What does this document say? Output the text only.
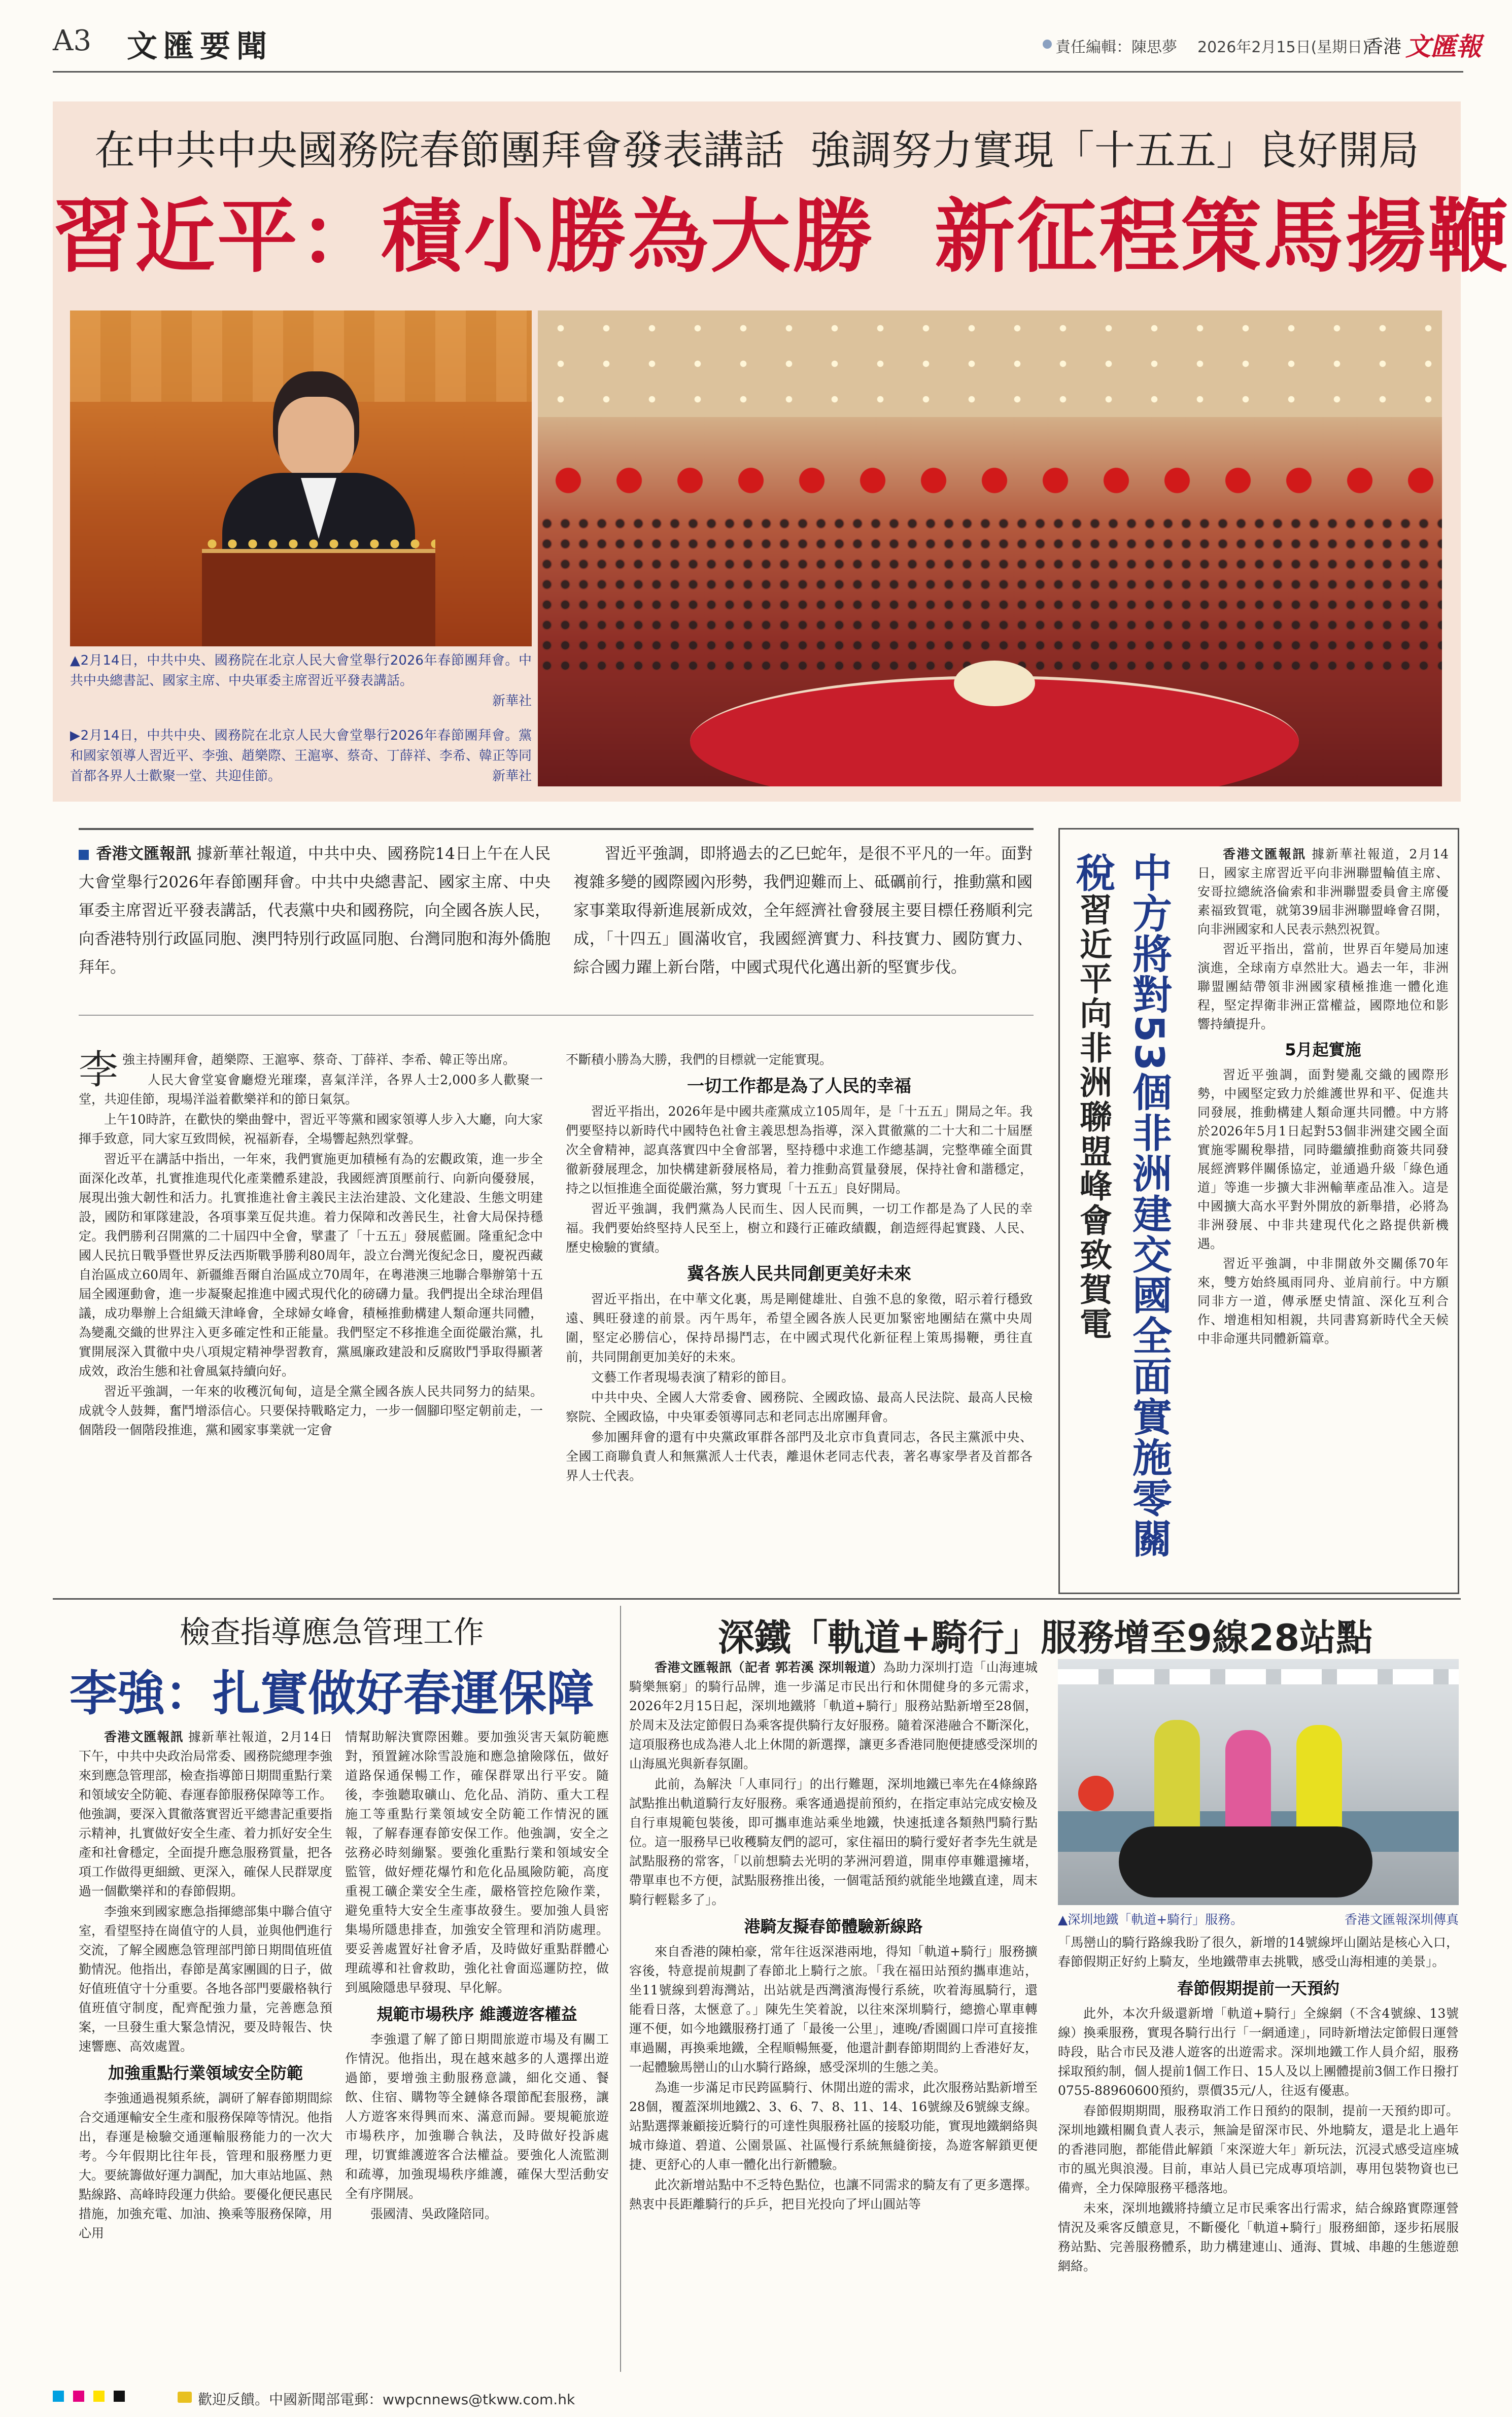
A3 文匯要聞	責任編輯：陳思夢 2026年2月15日(星期日)
香港 文匯報
在中共中央國務院春節團拜會發表講話  強調努力實現「十五五」良好開局
習近平：積小勝為大勝  新征程策馬揚鞭
▲2月14日，中共中央、國務院在北京人民大會堂舉行2026年春節團拜會。中共中央總書記、國家主席、中央軍委主席習近平發表講話。
新華社
▶2月14日，中共中央、國務院在北京人民大會堂舉行2026年春節團拜會。黨和國家領導人習近平、李強、趙樂際、王滬寧、蔡奇、丁薛祥、李希、韓正等同首都各界人士歡聚一堂、共迎佳節。	新華社

香港文匯報訊 據新華社報道，中共中央、國務院14日上午在人民大會堂舉行2026年春節團拜會。中共中央總書記、國家主席、中央軍委主席習近平發表講話，代表黨中央和國務院，向全國各族人民，向香港特別行政區同胞、澳門特別行政區同胞、台灣同胞和海外僑胞拜年。

習近平強調，即將過去的乙巳蛇年，是很不平凡的一年。面對複雜多變的國際國內形勢，我們迎難而上、砥礪前行，推動黨和國家事業取得新進展新成效，全年經濟社會發展主要目標任務順利完成，「十四五」圓滿收官，我國經濟實力、科技實力、國防實力、綜合國力躍上新台階，中國式現代化邁出新的堅實步伐。

李強主持團拜會，趙樂際、王滬寧、蔡奇、丁薛祥、李希、韓正等出席。

人民大會堂宴會廳燈光璀璨，喜氣洋洋，各界人士2,000多人歡聚一堂，共迎佳節，現場洋溢着歡樂祥和的節日氣氛。

上午10時許，在歡快的樂曲聲中，習近平等黨和國家領導人步入大廳，向大家揮手致意，同大家互致問候，祝福新春，全場響起熱烈掌聲。

習近平在講話中指出，一年來，我們實施更加積極有為的宏觀政策，進一步全面深化改革，扎實推進現代化產業體系建設，我國經濟頂壓前行、向新向優發展，展現出強大韌性和活力。扎實推進社會主義民主法治建設、文化建設、生態文明建設，國防和軍隊建設，各項事業互促共進。着力保障和改善民生，社會大局保持穩定。我們勝利召開黨的二十屆四中全會，擘畫了「十五五」發展藍圖。隆重紀念中國人民抗日戰爭暨世界反法西斯戰爭勝利80周年，設立台灣光復紀念日，慶祝西藏自治區成立60周年、新疆維吾爾自治區成立70周年，在粵港澳三地聯合舉辦第十五屆全國運動會，進一步凝聚起推進中國式現代化的磅礴力量。我們提出全球治理倡議，成功舉辦上合組織天津峰會，全球婦女峰會，積極推動構建人類命運共同體，為變亂交織的世界注入更多確定性和正能量。我們堅定不移推進全面從嚴治黨，扎實開展深入貫徹中央八項規定精神學習教育，黨風廉政建設和反腐敗鬥爭取得顯著成效，政治生態和社會風氣持續向好。

習近平強調，一年來的收穫沉甸甸，這是全黨全國各族人民共同努力的結果。成就令人鼓舞，奮鬥增添信心。只要保持戰略定力，一步一個腳印堅定朝前走，一個階段一個階段推進，黨和國家事業就一定會

不斷積小勝為大勝，我們的目標就一定能實現。

一切工作都是為了人民的幸福

習近平指出，2026年是中國共產黨成立105周年，是「十五五」開局之年。我們要堅持以新時代中國特色社會主義思想為指導，深入貫徹黨的二十大和二十屆歷次全會精神，認真落實四中全會部署，堅持穩中求進工作總基調，完整準確全面貫徹新發展理念，加快構建新發展格局，着力推動高質量發展，保持社會和諧穩定，持之以恒推進全面從嚴治黨，努力實現「十五五」良好開局。

習近平強調，我們黨為人民而生、因人民而興，一切工作都是為了人民的幸福。我們要始終堅持人民至上，樹立和踐行正確政績觀，創造經得起實踐、人民、歷史檢驗的實績。

冀各族人民共同創更美好未來

習近平指出，在中華文化裏，馬是剛健雄壯、自強不息的象徵，昭示着行穩致遠、興旺發達的前景。丙午馬年，希望全國各族人民更加緊密地團結在黨中央周圍，堅定必勝信心，保持昂揚鬥志，在中國式現代化新征程上策馬揚鞭，勇往直前，共同開創更加美好的未來。

文藝工作者現場表演了精彩的節目。

中共中央、全國人大常委會、國務院、全國政協、最高人民法院、最高人民檢察院、全國政協，中央軍委領導同志和老同志出席團拜會。

參加團拜會的還有中央黨政軍群各部門及北京市負責同志，各民主黨派中央、全國工商聯負責人和無黨派人士代表，離退休老同志代表，著名專家學者及首都各界人士代表。	中方將對53個非洲建交國全面實施零關稅
習近平向非洲聯盟峰會致賀電

香港文匯報訊 據新華社報道，2月14日，國家主席習近平向非洲聯盟輪值主席、安哥拉總統洛倫索和非洲聯盟委員會主席優素福致賀電，就第39屆非洲聯盟峰會召開，向非洲國家和人民表示熱烈祝賀。

習近平指出，當前，世界百年變局加速演進，全球南方卓然壯大。過去一年，非洲聯盟團結帶領非洲國家積極推進一體化進程，堅定捍衛非洲正當權益，國際地位和影響持續提升。

5月起實施

習近平強調，面對變亂交織的國際形勢，中國堅定致力於維護世界和平、促進共同發展，推動構建人類命運共同體。中方將於2026年5月1日起對53個非洲建交國全面實施零關稅舉措，同時繼續推動商簽共同發展經濟夥伴關係協定，並通過升級「綠色通道」等進一步擴大非洲輸華產品准入。這是中國擴大高水平對外開放的新舉措，必將為非洲發展、中非共建現代化之路提供新機遇。

習近平強調，中非開啟外交關係70年來，雙方始終風雨同舟、並肩前行。中方願同非方一道，傳承歷史情誼、深化互利合作、增進相知相親，共同書寫新時代全天候中非命運共同體新篇章。

檢查指導應急管理工作
李強：扎實做好春運保障

香港文匯報訊 據新華社報道，2月14日下午，中共中央政治局常委、國務院總理李強來到應急管理部，檢查指導節日期間重點行業和領域安全防範、春運春節服務保障等工作。他強調，要深入貫徹落實習近平總書記重要指示精神，扎實做好安全生產、着力抓好安全生產和社會穩定，全面提升應急服務質量，把各項工作做得更細緻、更深入，確保人民群眾度過一個歡樂祥和的春節假期。

李強來到國家應急指揮總部集中聯合值守室，看望堅持在崗值守的人員，並與他們進行交流，了解全國應急管理部門節日期間值班值勤情況。他指出，春節是萬家團圓的日子，做好值班值守十分重要。各地各部門要嚴格執行值班值守制度，配齊配強力量，完善應急預案，一旦發生重大緊急情況，要及時報告、快速響應、高效處置。

加強重點行業領域安全防範

李強通過視頻系統，調研了解春節期間綜合交通運輸安全生產和服務保障等情況。他指出，春運是檢驗交通運輸服務能力的一次大考。今年假期比往年長，管理和服務壓力更大。要統籌做好運力調配，加大車站地區、熱點線路、高峰時段運力供給。要優化便民惠民措施，加強充電、加油、換乘等服務保障，用心用

情幫助解決實際困難。要加強災害天氣防範應對，預置鏟冰除雪設施和應急搶險隊伍，做好道路保通保暢工作，確保群眾出行平安。隨後，李強聽取礦山、危化品、消防、重大工程施工等重點行業領域安全防範工作情況的匯報，了解春運春節安保工作。他強調，安全之弦務必時刻繃緊。要強化重點行業和領域安全監管，做好煙花爆竹和危化品風險防範，高度重視工礦企業安全生產，嚴格管控危險作業，避免重特大安全生產事故發生。要加強人員密集場所隱患排查，加強安全管理和消防處理。要妥善處置好社會矛盾，及時做好重點群體心理疏導和社會救助，強化社會面巡邏防控，做到風險隱患早發現、早化解。

規範市場秩序 維護遊客權益

李強還了解了節日期間旅遊市場及有關工作情況。他指出，現在越來越多的人選擇出遊過節，要增強主動服務意識，細化交通、餐飲、住宿、購物等全鏈條各環節配套服務，讓人方遊客來得興而來、滿意而歸。要規範旅遊市場秩序，加強聯合執法，及時做好投訴處理，切實維護遊客合法權益。要強化人流監測和疏導，加強現場秩序維護，確保大型活動安全有序開展。

張國清、吳政隆陪同。

深鐵「軌道+騎行」服務增至9線28站點

香港文匯報訊（記者 郭若溪 深圳報道）為助力深圳打造「山海連城 騎樂無窮」的騎行品牌，進一步滿足市民出行和休閒健身的多元需求，2026年2月15日起，深圳地鐵將「軌道+騎行」服務站點新增至28個，於周末及法定節假日為乘客提供騎行友好服務。隨着深港融合不斷深化，這項服務也成為港人北上休閒的新選擇，讓更多香港同胞便捷感受深圳的山海風光與新春氛圍。

此前，為解決「人車同行」的出行難題，深圳地鐵已率先在4條線路試點推出軌道騎行友好服務。乘客通過提前預約，在指定車站完成安檢及自行車規範包裝後，即可攜車進站乘坐地鐵，快速抵達各類熱門騎行點位。這一服務早已收穫騎友們的認可，家住福田的騎行愛好者李先生就是試點服務的常客，「以前想騎去光明的茅洲河碧道，開車停車難還擁堵，帶單車也不方便，試點服務推出後，一個電話預約就能坐地鐵直達，周末騎行輕鬆多了」。

港騎友擬春節體驗新線路

來自香港的陳柏豪，常年往返深港兩地，得知「軌道+騎行」服務擴容後，特意提前規劃了春節北上騎行之旅。「我在福田站預約攜車進站，坐11號線到碧海灣站，出站就是西灣濱海慢行系統，吹着海風騎行，還能看日落，太愜意了。」陳先生笑着說，以往來深圳騎行，總擔心單車轉運不便，如今地鐵服務打通了「最後一公里」，連晚/香園圓口岸可直接推車過關，再換乘地鐵，全程順暢無憂，他還計劃春節期間約上香港好友，一起體驗馬巒山的山水騎行路線，感受深圳的生態之美。

為進一步滿足市民跨區騎行、休閒出遊的需求，此次服務站點新增至28個，覆蓋深圳地鐵2、3、6、7、8、11、14、16號線及6號線支線。站點選擇兼顧接近騎行的可達性與服務社區的接駁功能，實現地鐵網絡與城市綠道、碧道、公園景區、社區慢行系統無縫銜接，為遊客解鎖更便捷、更舒心的人車一體化出行新體驗。

此次新增站點中不乏特色點位，也讓不同需求的騎友有了更多選擇。熱衷中長距離騎行的乒乒，把目光投向了坪山圓站等

▲深圳地鐵「軌道+騎行」服務。	香港文匯報深圳傳真

「馬巒山的騎行路線我盼了很久，新增的14號線坪山圍站是核心入口，春節假期正好約上騎友，坐地鐵帶車去挑戰，感受山海相連的美景」。

春節假期提前一天預約

此外，本次升級還新增「軌道+騎行」全線網（不含4號線、13號線）換乘服務，實現各騎行出行「一網通達」，同時新增法定節假日運營時段，貼合市民及港人遊客的出遊需求。深圳地鐵工作人員介紹，服務採取預約制，個人提前1個工作日、15人及以上團體提前3個工作日撥打0755-88960600預約，票價35元/人，往返有優惠。

春節假期期間，服務取消工作日預約的限制，提前一天預約即可。深圳地鐵相關負責人表示，無論是留深市民、外地騎友，還是北上過年的香港同胞，都能借此解鎖「來深遊大年」新玩法，沉浸式感受這座城市的風光與浪漫。目前，車站人員已完成專項培訓，專用包裝物資也已備齊，全力保障服務平穩落地。

未來，深圳地鐵將持續立足市民乘客出行需求，結合線路實際運營情況及乘客反饋意見，不斷優化「軌道+騎行」服務細節，逐步拓展服務站點、完善服務體系，助力構建連山、通海、貫城、串趣的生態遊憩網絡。

歡迎反饋。中國新聞部電郵：wwpcnnews@tkww.com.hk
